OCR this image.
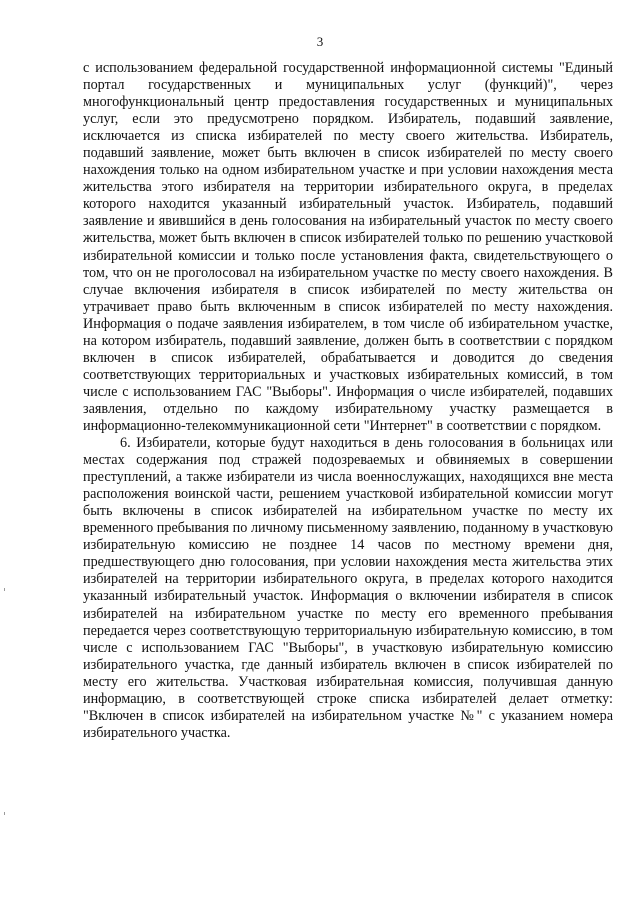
3

с использованием федеральной государственной информационной системы "Единый портал государственных и муниципальных услуг (функций)", через многофункциональный центр предоставления государственных и муниципальных услуг, если это предусмотрено порядком. Избиратель, подавший заявление, исключается из списка избирателей по месту своего жительства. Избиратель, подавший заявление, может быть включен в список избирателей по месту своего нахождения только на одном избирательном участке и при условии нахождения места жительства этого избирателя на территории избирательного округа, в пределах которого находится указанный избирательный участок. Избиратель, подавший заявление и явившийся в день голосования на избирательный участок по месту своего жительства, может быть включен в список избирателей только по решению участковой избирательной комиссии и только после установления факта, свидетельствующего о том, что он не проголосовал на избирательном участке по месту своего нахождения. В случае включения избирателя в список избирателей по месту жительства он утрачивает право быть включенным в список избирателей по месту нахождения. Информация о подаче заявления избирателем, в том числе об избирательном участке, на котором избиратель, подавший заявление, должен быть в соответствии с порядком включен в список избирателей, обрабатывается и доводится до сведения соответствующих территориальных и участковых избирательных комиссий, в том числе с использованием ГАС "Выборы". Информация о числе избирателей, подавших заявления, отдельно по каждому избирательному участку размещается в информационно-телекоммуникационной сети "Интернет" в соответствии с порядком.

6. Избиратели, которые будут находиться в день голосования в больницах или местах содержания под стражей подозреваемых и обвиняемых в совершении преступлений, а также избиратели из числа военнослужащих, находящихся вне места расположения воинской части, решением участковой избирательной комиссии могут быть включены в список избирателей на избирательном участке по месту их временного пребывания по личному письменному заявлению, поданному в участковую избирательную комиссию не позднее 14 часов по местному времени дня, предшествующего дню голосования, при условии нахождения места жительства этих избирателей на территории избирательного округа, в пределах которого находится указанный избирательный участок. Информация о включении избирателя в список избирателей на избирательном участке по месту его временного пребывания передается через соответствующую территориальную избирательную комиссию, в том числе с использованием ГАС "Выборы", в участковую избирательную комиссию избирательного участка, где данный избиратель включен в список избирателей по месту его жительства. Участковая избирательная комиссия, получившая данную информацию, в соответствующей строке списка избирателей делает отметку: "Включен в список избирателей на избирательном участке №" с указанием номера избирательного участка.
